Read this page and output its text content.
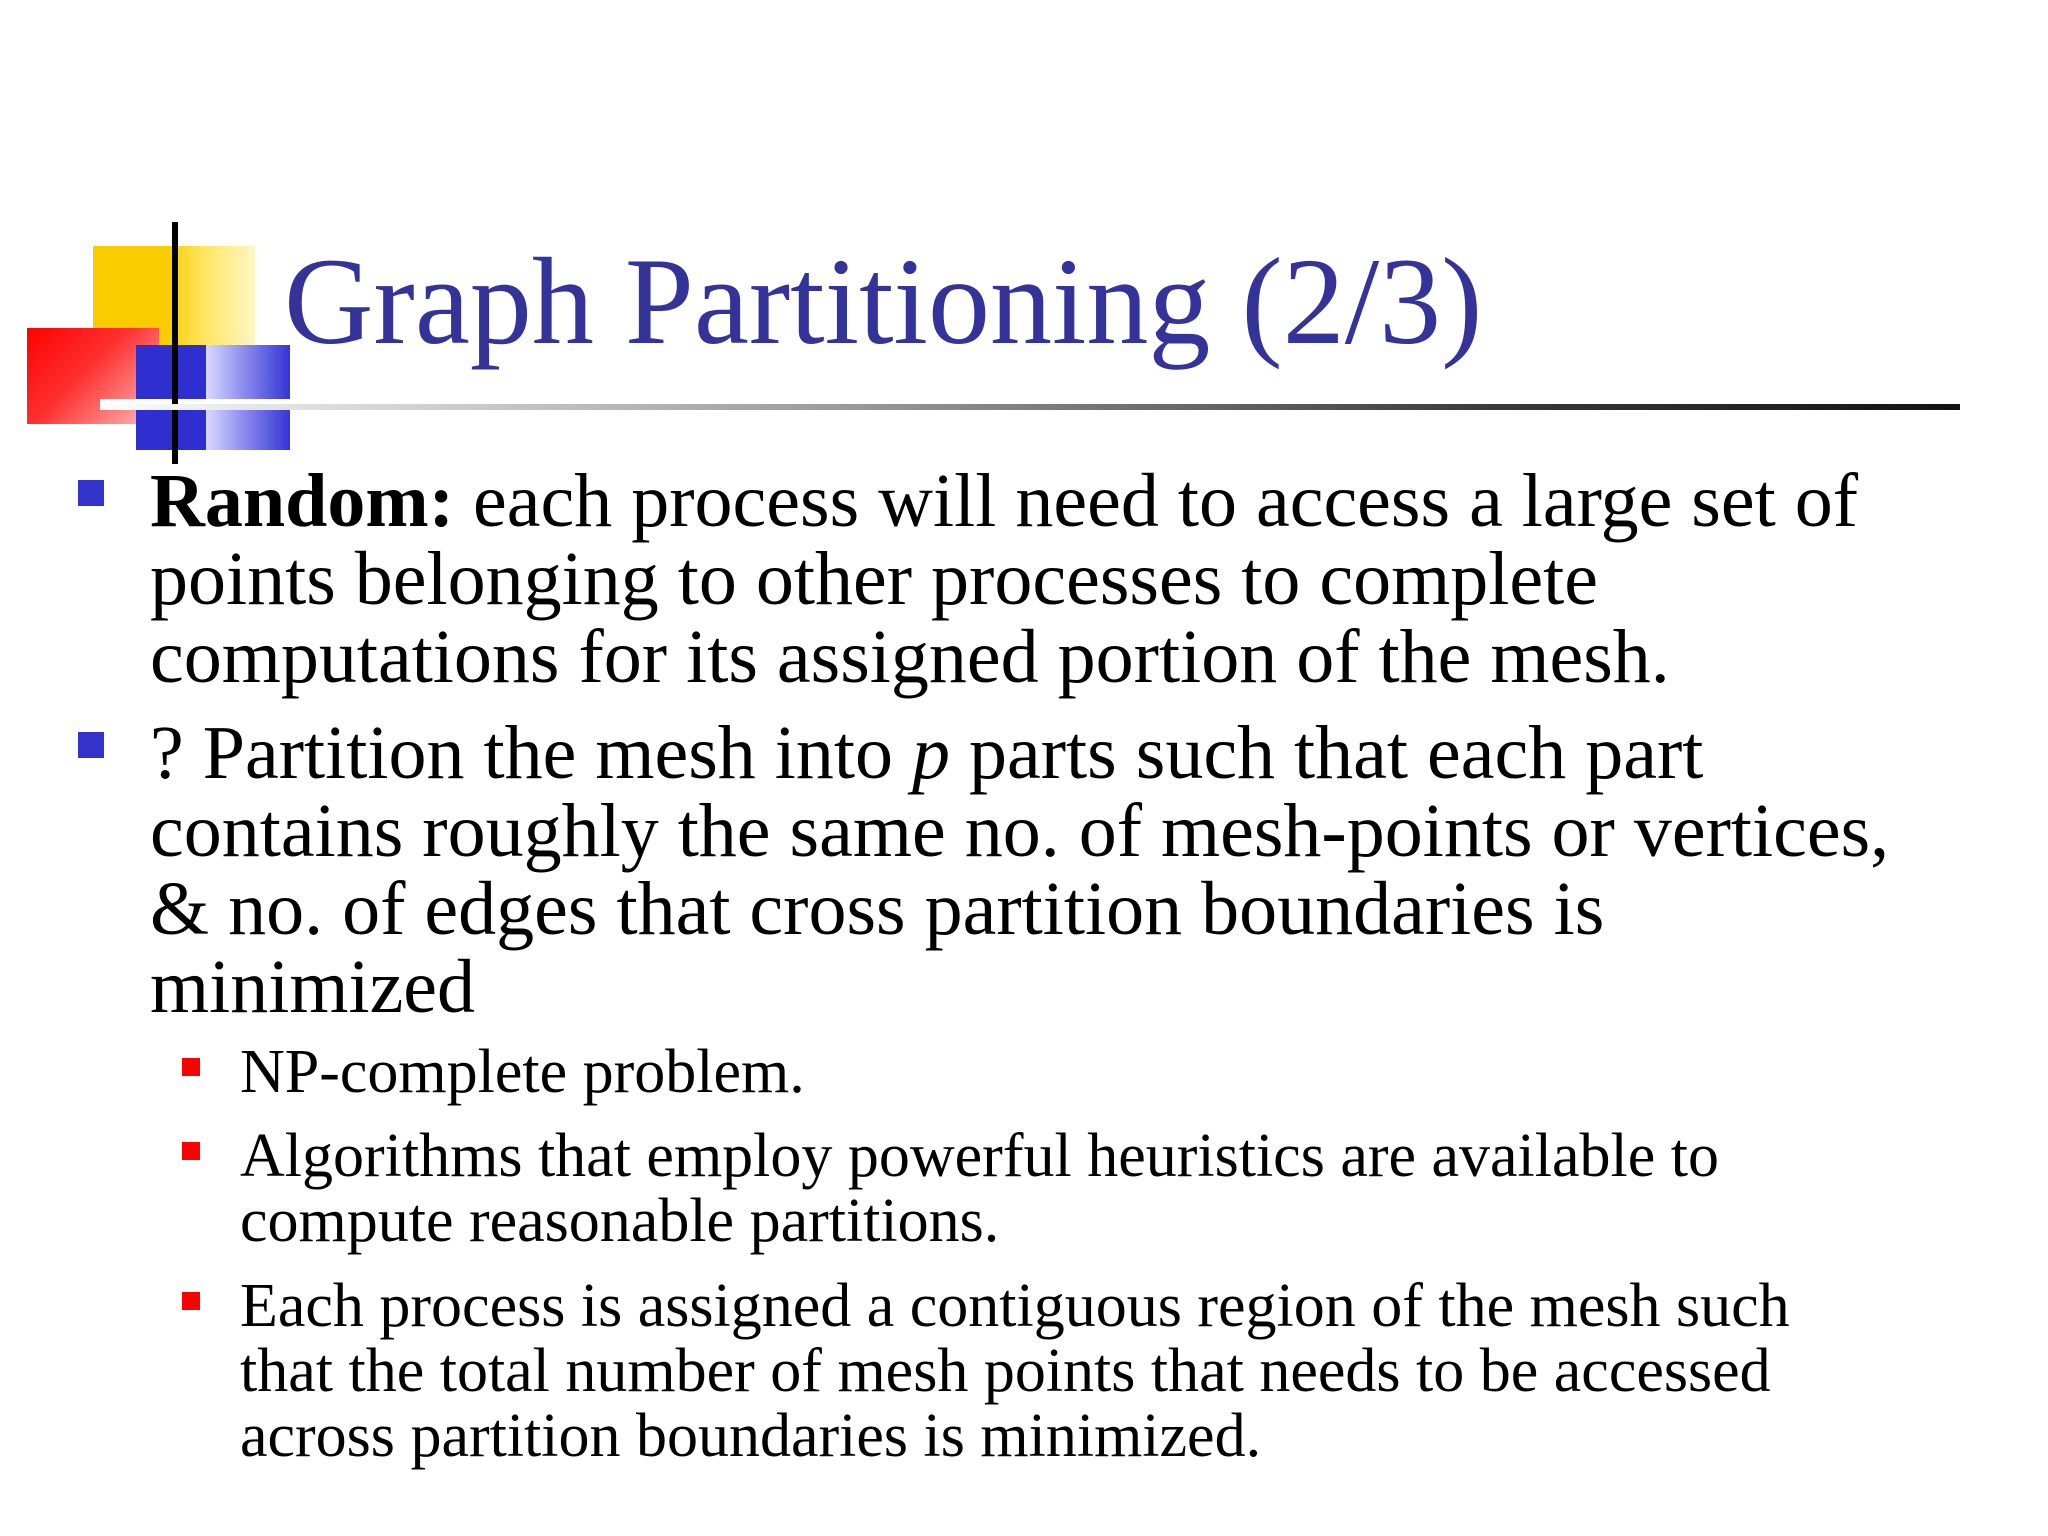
Graph Partitioning (2/3)
Random: each process will need to access a large set of
points belonging to other processes to complete
computations for its assigned portion of the mesh.
? Partition the mesh into p parts such that each part
contains roughly the same no. of mesh-points or vertices,
& no. of edges that cross partition boundaries is
minimized
NP-complete problem.
Algorithms that employ powerful heuristics are available to
compute reasonable partitions.
Each process is assigned a contiguous region of the mesh such
that the total number of mesh points that needs to be accessed
across partition boundaries is minimized.
